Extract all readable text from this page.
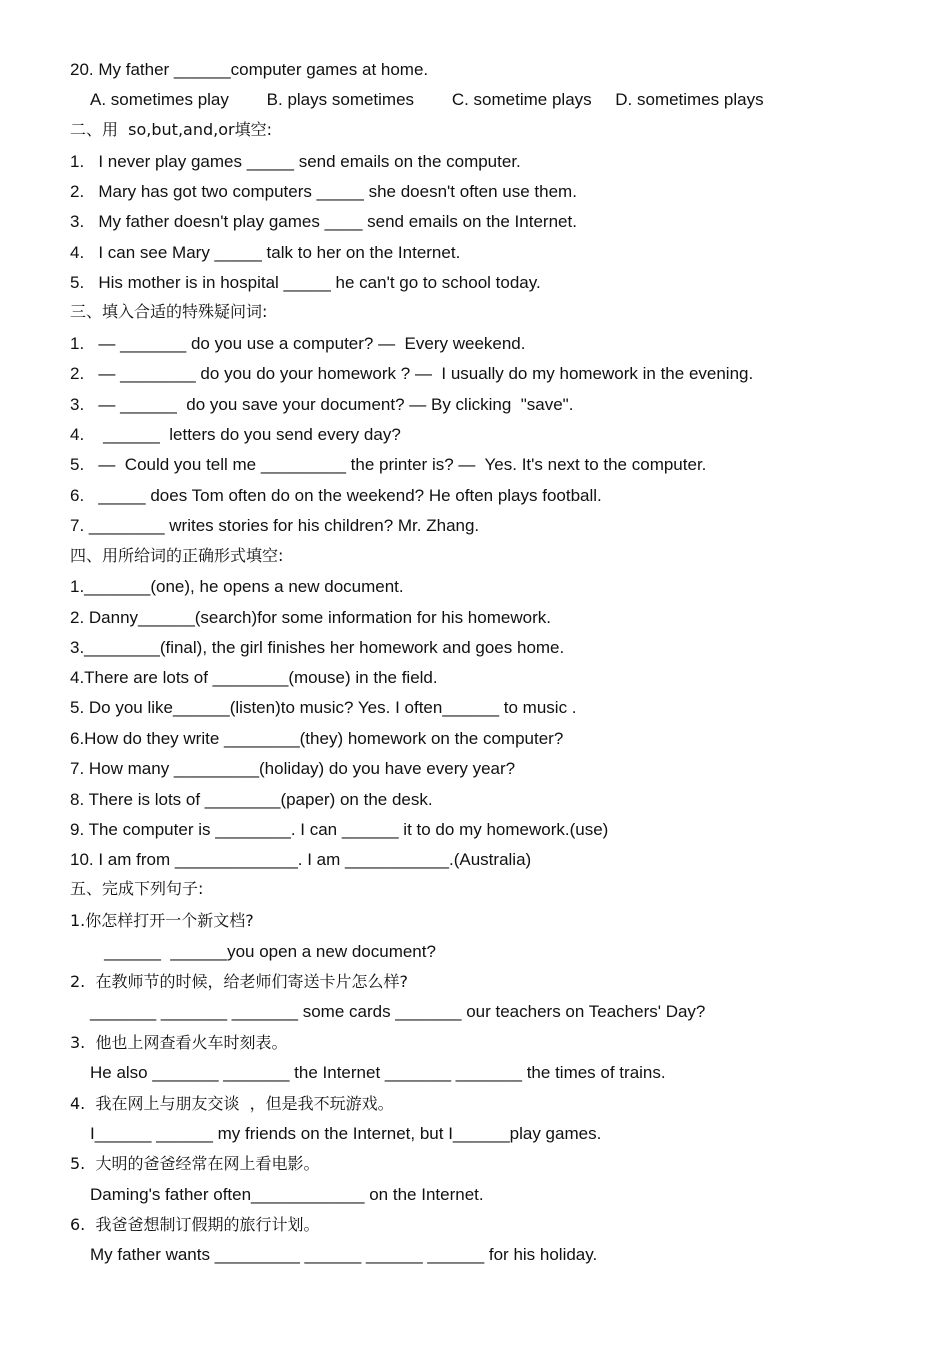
20. My father ______computer games at home.
A. sometimes play        B. plays sometimes        C. sometime plays     D. sometimes plays
二、用  so,but,and,or填空:
1.   I never play games _____ send emails on the computer.
2.   Mary has got two computers _____ she doesn't often use them.
3.   My father doesn't play games ____ send emails on the Internet.
4.   I can see Mary _____ talk to her on the Internet.
5.   His mother is in hospital _____ he can't go to school today.
三、填入合适的特殊疑问词:
1.   — _______ do you use a computer? —  Every weekend.
2.   — ________ do you do your homework ? —  I usually do my homework in the evening.
3.   — ______  do you save your document? — By clicking  "save".
4.    ______  letters do you send every day?
5.   —  Could you tell me _________ the printer is? —  Yes. It's next to the computer.
6.   _____ does Tom often do on the weekend? He often plays football.
7. ________ writes stories for his children? Mr. Zhang.
四、用所给词的正确形式填空:
1._______(one), he opens a new document.
2. Danny______(search)for some information for his homework.
3.________(final), the girl finishes her homework and goes home.
4.There are lots of ________(mouse) in the field.
5. Do you like______(listen)to music? Yes. I often______ to music .
6.How do they write ________(they) homework on the computer?
7. How many _________(holiday) do you have every year?
8. There is lots of ________(paper) on the desk.
9. The computer is ________. I can ______ it to do my homework.(use)
10. I am from _____________. I am ___________.(Australia)
五、完成下列句子:
1.你怎样打开一个新文档?
______  ______you open a new document?
2.  在教师节的时候，给老师们寄送卡片怎么样?
_______ _______ _______ some cards _______ our teachers on Teachers' Day?
3.  他也上网查看火车时刻表。
He also _______ _______ the Internet _______ _______ the times of trains.
4.  我在网上与朋友交谈  ，但是我不玩游戏。
I______ ______ my friends on the Internet, but I______play games.
5.  大明的爸爸经常在网上看电影。
Daming's father often____________ on the Internet.
6.  我爸爸想制订假期的旅行计划。
My father wants _________ ______ ______ ______ for his holiday.
